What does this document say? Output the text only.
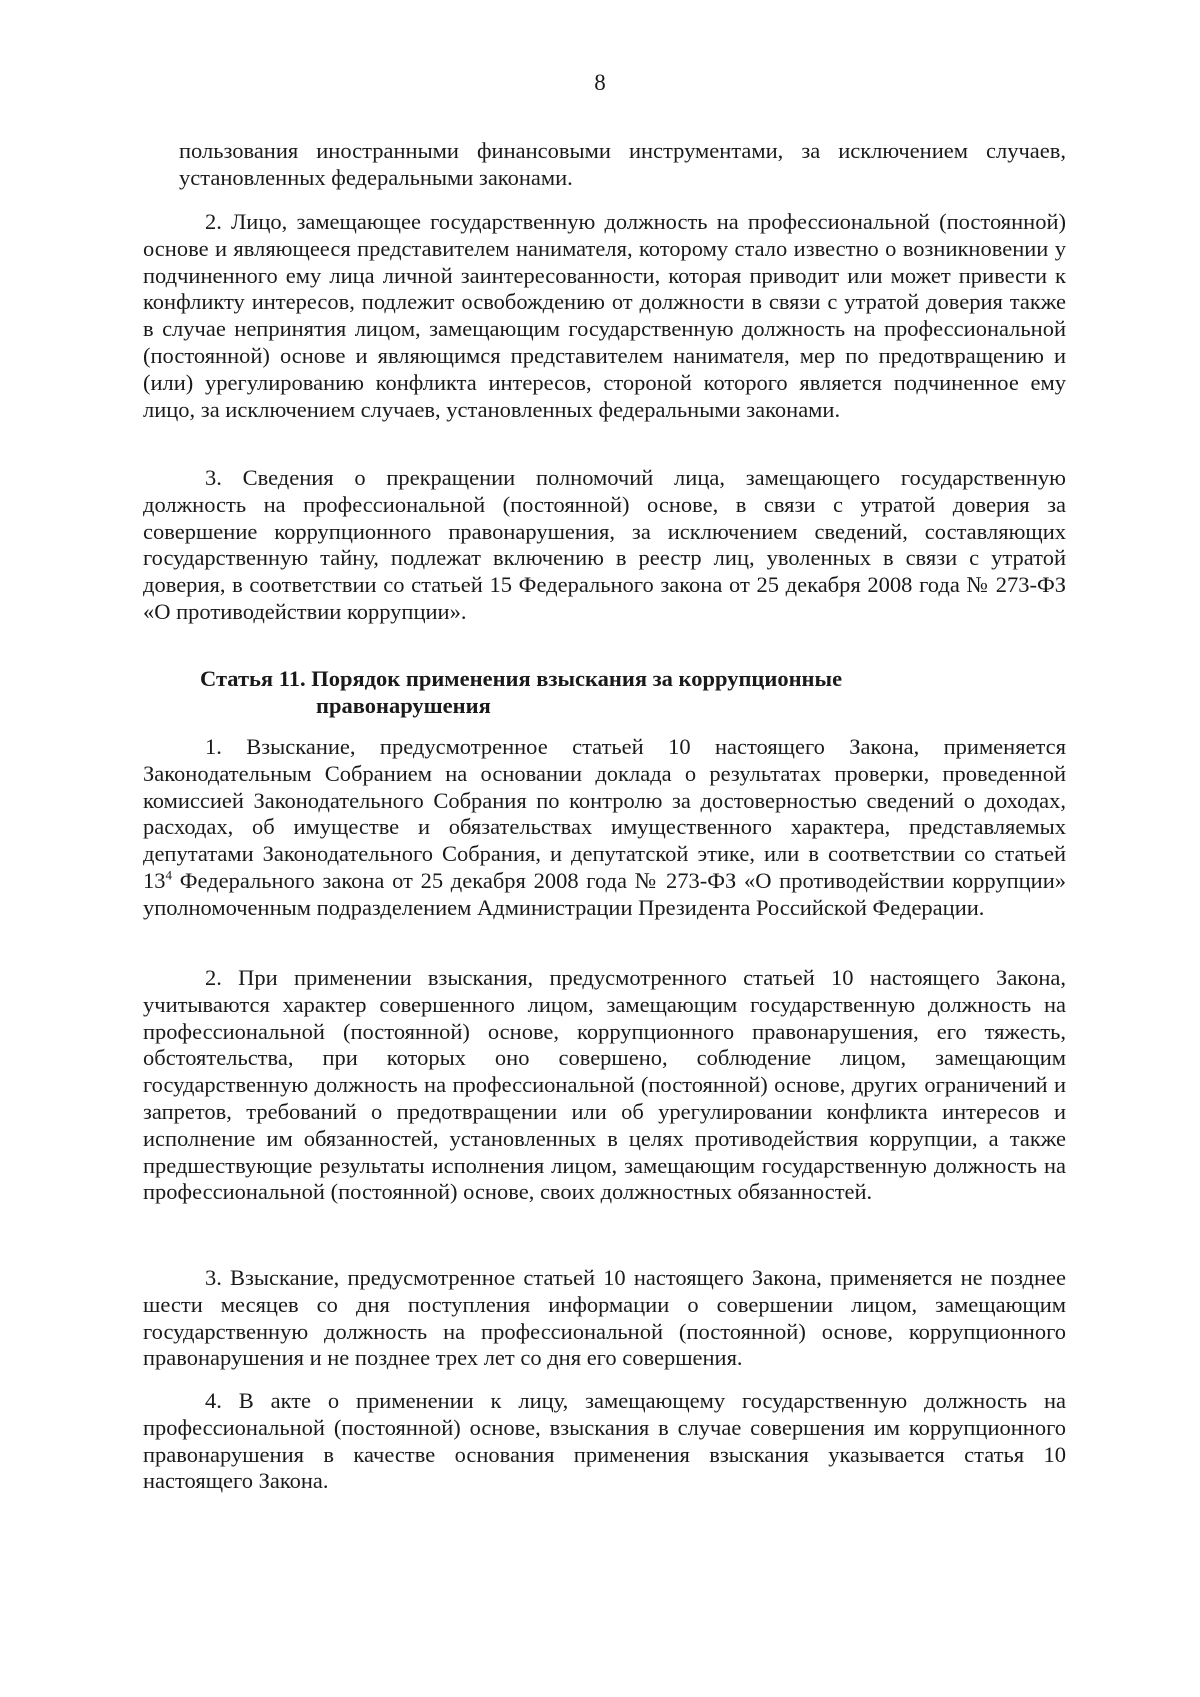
8

пользования иностранными финансовыми инструментами, за исключением случаев, установленных федеральными законами.

2. Лицо, замещающее государственную должность на профессиональной (постоянной) основе и являющееся представителем нанимателя, которому стало известно о возникновении у подчиненного ему лица личной заинтересованности, которая приводит или может привести к конфликту интересов, подлежит освобождению от должности в связи с утратой доверия также в случае непринятия лицом, замещающим государственную должность на профессиональной (постоянной) основе и являющимся представителем нанимателя, мер по предотвращению и (или) урегулированию конфликта интересов, стороной которого является подчиненное ему лицо, за исключением случаев, установленных федеральными законами.

3. Сведения о прекращении полномочий лица, замещающего государственную должность на профессиональной (постоянной) основе, в связи с утратой доверия за совершение коррупционного правонарушения, за исключением сведений, составляющих государственную тайну, подлежат включению в реестр лиц, уволенных в связи с утратой доверия, в соответствии со статьей 15 Федерального закона от 25 декабря 2008 года № 273-ФЗ «О противодействии коррупции».

Статья 11. Порядок применения взыскания за коррупционные
правонарушения

1. Взыскание, предусмотренное статьей 10 настоящего Закона, применяется Законодательным Собранием на основании доклада о результатах проверки, проведенной комиссией Законодательного Собрания по контролю за достоверностью сведений о доходах, расходах, об имуществе и обязательствах имущественного характера, представляемых депутатами Законодательного Собрания, и депутатской этике, или в соответствии со статьей $13^4$ Федерального закона от 25 декабря 2008 года № 273-ФЗ «О противодействии коррупции» уполномоченным подразделением Администрации Президента Российской Федерации.

2. При применении взыскания, предусмотренного статьей 10 настоящего Закона, учитываются характер совершенного лицом, замещающим государственную должность на профессиональной (постоянной) основе, коррупционного правонарушения, его тяжесть, обстоятельства, при которых оно совершено, соблюдение лицом, замещающим государственную должность на профессиональной (постоянной) основе, других ограничений и запретов, требований о предотвращении или об урегулировании конфликта интересов и исполнение им обязанностей, установленных в целях противодействия коррупции, а также предшествующие результаты исполнения лицом, замещающим государственную должность на профессиональной (постоянной) основе, своих должностных обязанностей.

3. Взыскание, предусмотренное статьей 10 настоящего Закона, применяется не позднее шести месяцев со дня поступления информации о совершении лицом, замещающим государственную должность на профессиональной (постоянной) основе, коррупционного правонарушения и не позднее трех лет со дня его совершения.

4. В акте о применении к лицу, замещающему государственную должность на профессиональной (постоянной) основе, взыскания в случае совершения им коррупционного правонарушения в качестве основания применения взыскания указывается статья 10 настоящего Закона.
